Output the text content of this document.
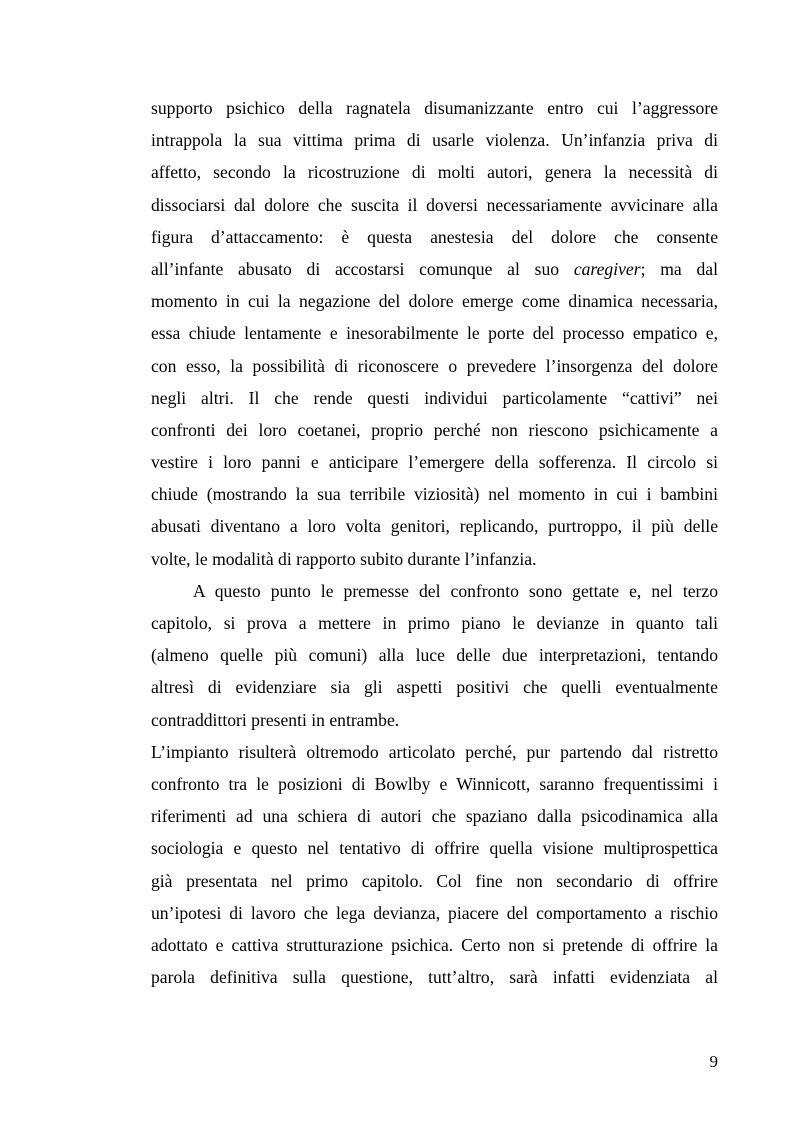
supporto psichico della ragnatela disumanizzante entro cui l’aggressore
intrappola la sua vittima prima di usarle violenza. Un’infanzia priva di
affetto, secondo la ricostruzione di molti autori, genera la necessità di
dissociarsi dal dolore che suscita il doversi necessariamente avvicinare alla
figura d’attaccamento: è questa anestesia del dolore che consente
all’infante abusato di accostarsi comunque al suo caregiver; ma dal
momento in cui la negazione del dolore emerge come dinamica necessaria,
essa chiude lentamente e inesorabilmente le porte del processo empatico e,
con esso, la possibilità di riconoscere o prevedere l’insorgenza del dolore
negli altri. Il che rende questi individui particolamente “cattivi” nei
confronti dei loro coetanei, proprio perché non riescono psichicamente a
vestire i loro panni e anticipare l’emergere della sofferenza. Il circolo si
chiude (mostrando la sua terribile viziosità) nel momento in cui i bambini
abusati diventano a loro volta genitori, replicando, purtroppo, il più delle
volte, le modalità di rapporto subito durante l’infanzia.
A questo punto le premesse del confronto sono gettate e, nel terzo
capitolo, si prova a mettere in primo piano le devianze in quanto tali
(almeno quelle più comuni) alla luce delle due interpretazioni, tentando
altresì di evidenziare sia gli aspetti positivi che quelli eventualmente
contraddittori presenti in entrambe.
L’impianto risulterà oltremodo articolato perché, pur partendo dal ristretto
confronto tra le posizioni di Bowlby e Winnicott, saranno frequentissimi i
riferimenti ad una schiera di autori che spaziano dalla psicodinamica alla
sociologia e questo nel tentativo di offrire quella visione multiprospettica
già presentata nel primo capitolo. Col fine non secondario di offrire
un’ipotesi di lavoro che lega devianza, piacere del comportamento a rischio
adottato e cattiva strutturazione psichica. Certo non si pretende di offrire la
parola definitiva sulla questione, tutt’altro, sarà infatti evidenziata al
9
